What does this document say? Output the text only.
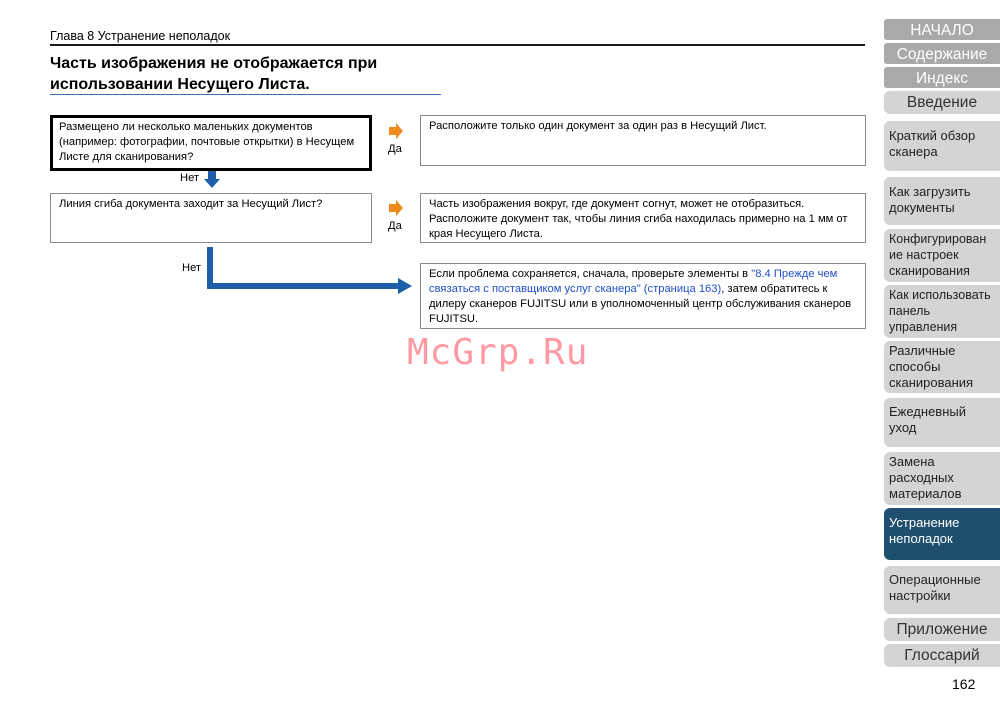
Глава 8 Устранение неполадок
Часть изображения не отображается при использовании Несущего Листа.
Размещено ли несколько маленьких документов (например: фотографии, почтовые открытки) в Несущем Листе для сканирования?
Линия сгиба документа заходит за Несущий Лист?
Расположите только один документ за один раз в Несущий Лист.
Часть изображения вокруг, где документ согнут, может не отобразиться. Расположите документ так, чтобы линия сгиба находилась примерно на 1 мм от края Несущего Листа.
Если проблема сохраняется, сначала, проверьте элементы в "8.4 Прежде чем связаться с поставщиком услуг сканера" (страница 163), затем обратитесь к дилеру сканеров FUJITSU или в уполномоченный центр обслуживания сканеров FUJITSU.
Да
Да
Нет
Нет
McGrp.Ru
НАЧАЛО
Содержание
Индекс
Введение
Краткий обзор сканера
Как загрузить документы
Конфигурирован ие настроек сканирования
Как использовать панель управления
Различные способы сканирования
Ежедневный уход
Замена расходных материалов
Устранение неполадок
Операционные настройки
Приложение
Глоссарий
162
